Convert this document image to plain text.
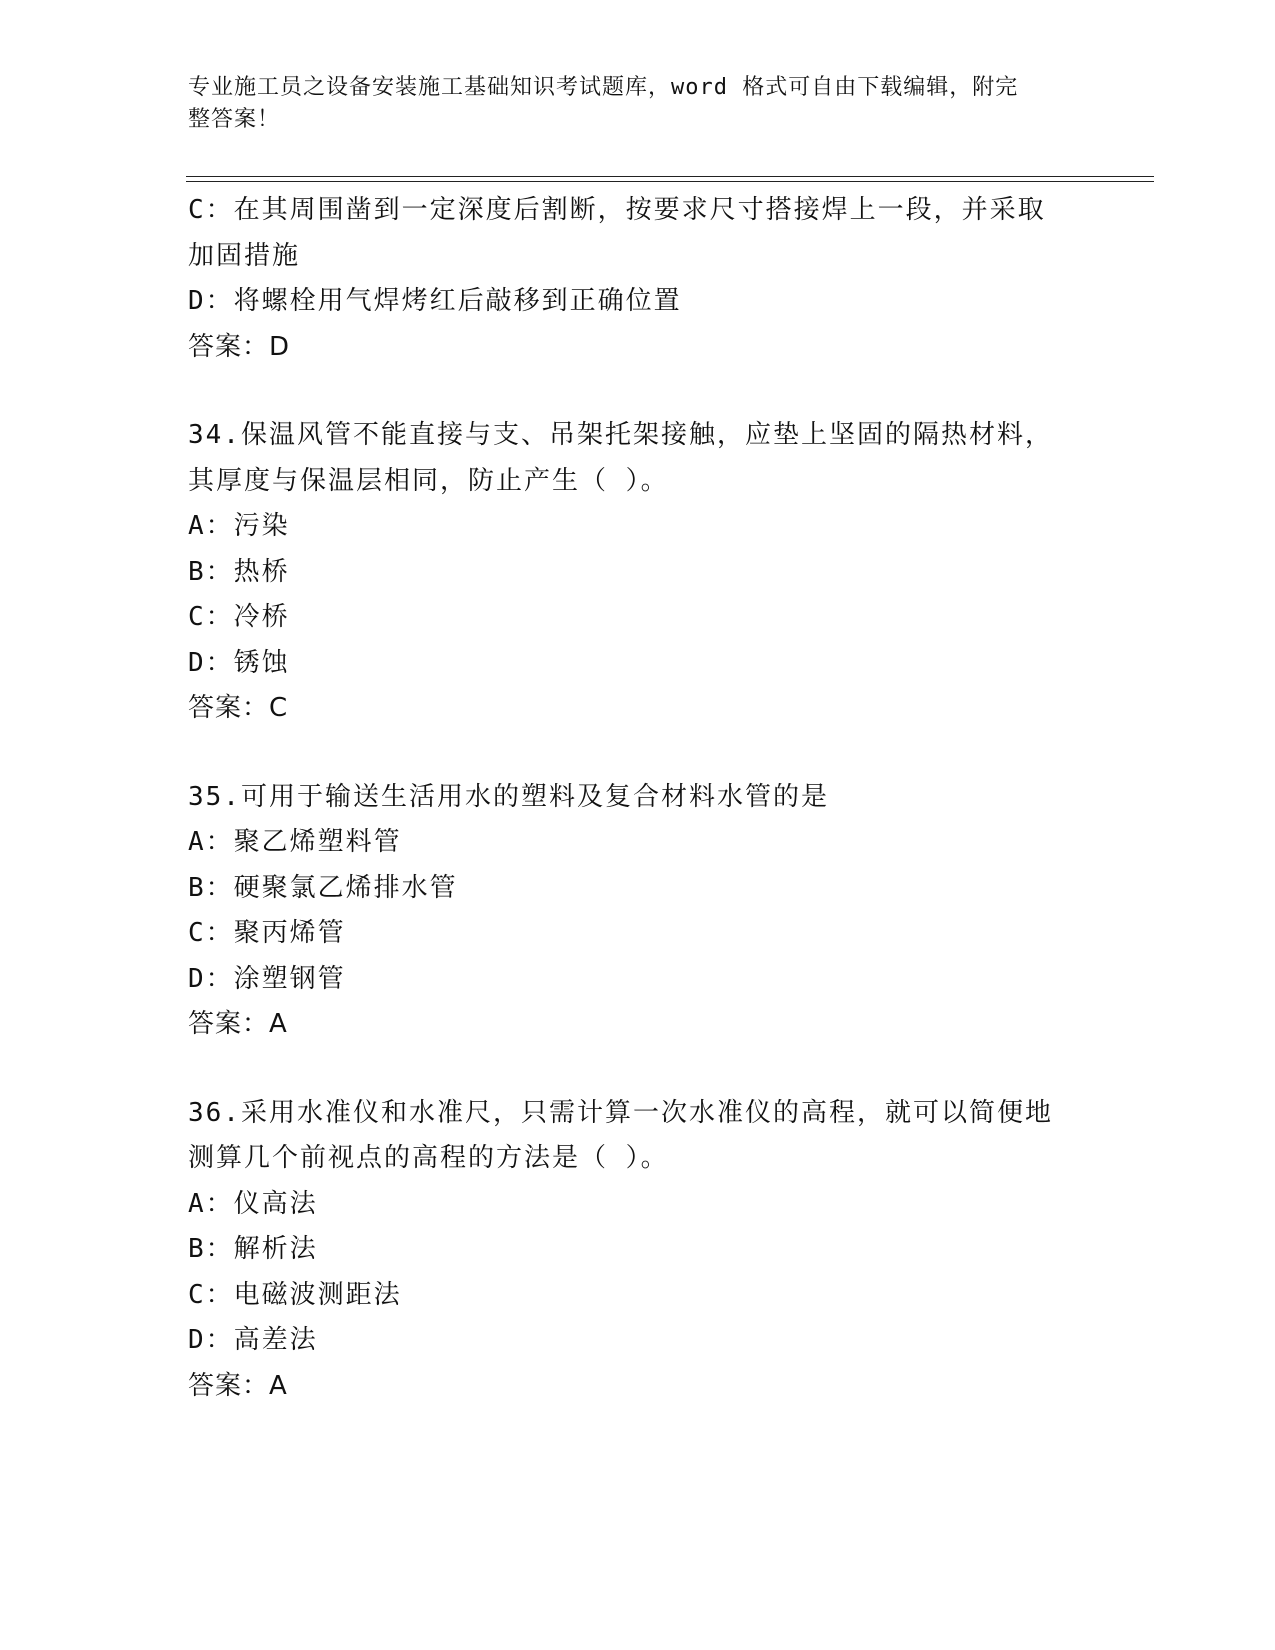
专业施工员之设备安装施工基础知识考试题库，word 格式可自由下载编辑，附完
整答案！
C：在其周围凿到一定深度后割断，按要求尺寸搭接焊上一段，并采取
加固措施
D：将螺栓用气焊烤红后敲移到正确位置
答案：D
34.保温风管不能直接与支、吊架托架接触，应垫上坚固的隔热材料，
其厚度与保温层相同，防止产生（ ）。
A：污染
B：热桥
C：冷桥
D：锈蚀
答案：C
35.可用于输送生活用水的塑料及复合材料水管的是
A：聚乙烯塑料管
B：硬聚氯乙烯排水管
C：聚丙烯管
D：涂塑钢管
答案：A
36.采用水准仪和水准尺，只需计算一次水准仪的高程，就可以简便地
测算几个前视点的高程的方法是（ ）。
A：仪高法
B：解析法
C：电磁波测距法
D：高差法
答案：A
